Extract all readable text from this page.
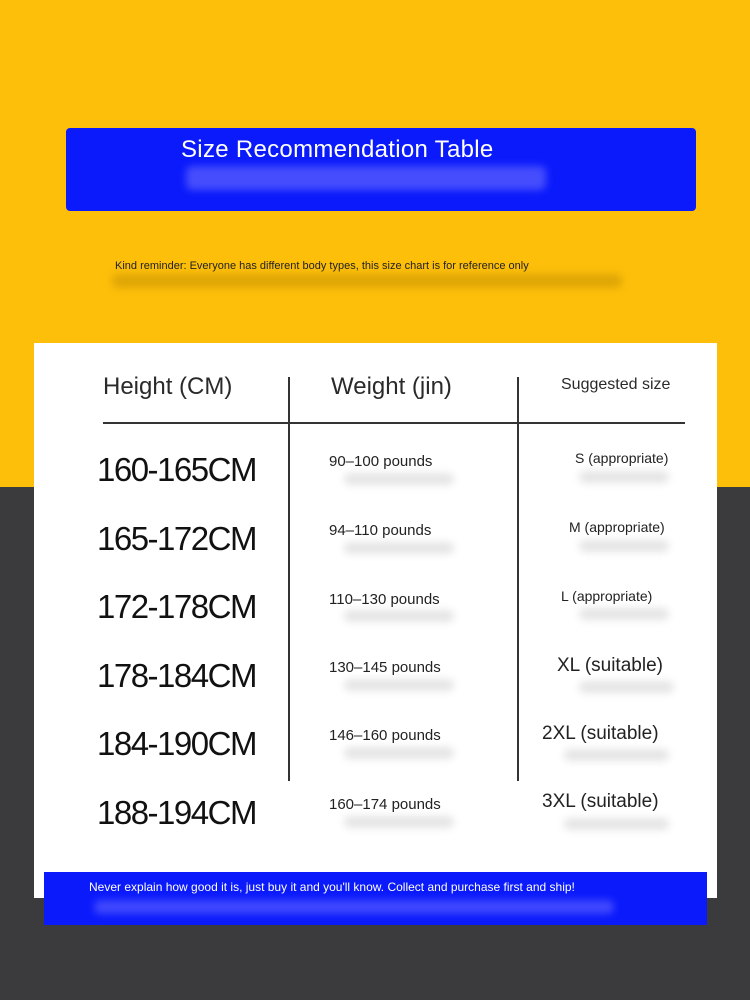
Size Recommendation Table
Kind reminder: Everyone has different body types, this size chart is for reference only
Height (CM)	Weight (jin)	Suggested size
160-165CM	90–100 pounds	S (appropriate)
165-172CM	94–110 pounds	M (appropriate)
172-178CM	110–130 pounds	L (appropriate)
178-184CM	130–145 pounds	XL (suitable)
184-190CM	146–160 pounds	2XL (suitable)
188-194CM	160–174 pounds	3XL (suitable)
Never explain how good it is, just buy it and you'll know. Collect and purchase first and ship!
